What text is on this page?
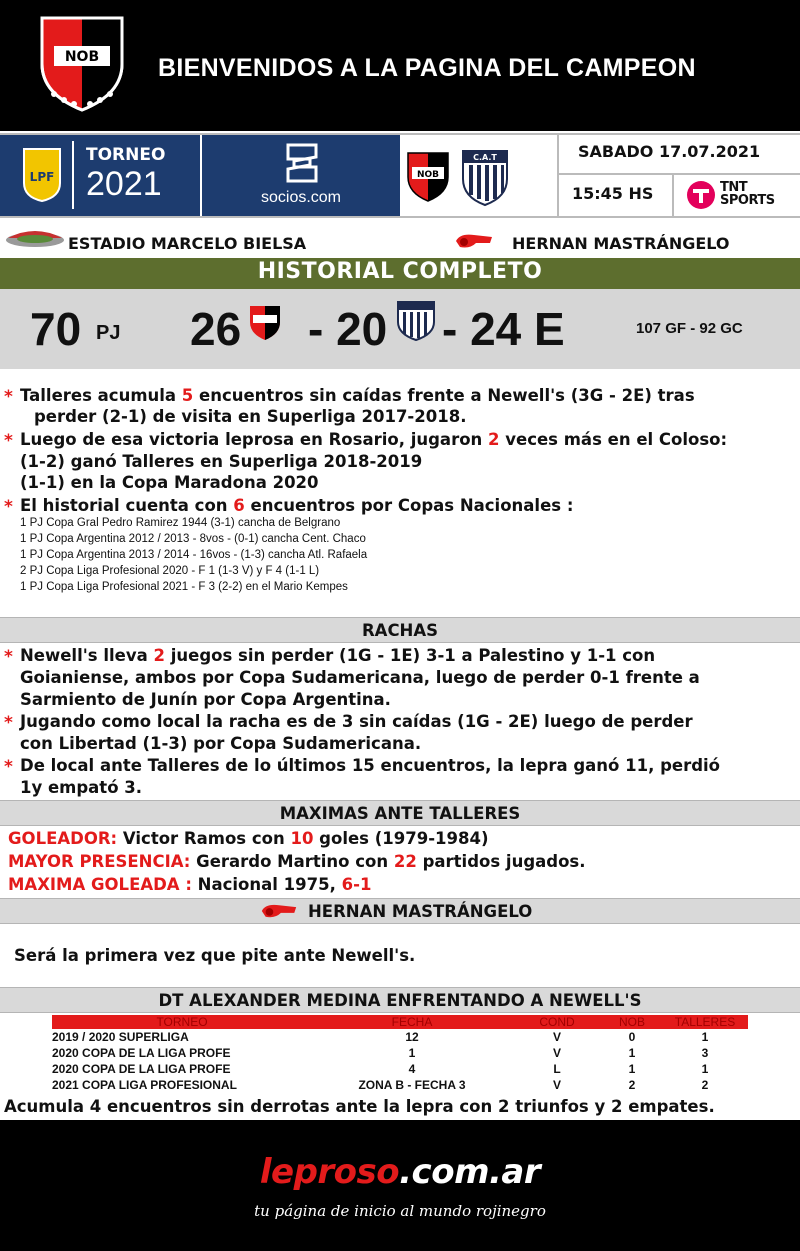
NOB BIENVENIDOS A LA PAGINA DEL CAMPEON
LPF
TORNEO
2021	socios.com
NOB
C.A.T	SABADO 17.07.2021
15:45 HS	TNT SPORTS
ESTADIO MARCELO BIELSA	HERNAN MASTRÁNGELO
HISTORIAL COMPLETO
70 PJ 26 - 20 - 24 E	107 GF - 92 GC
* Talleres acumula 5 encuentros sin caídas frente a Newell's (3G - 2E) tras
perder (2-1) de visita en Superliga 2017-2018.
* Luego de esa victoria leprosa en Rosario, jugaron 2 veces más en el Coloso:
(1-2) ganó Talleres en Superliga 2018-2019
(1-1) en la Copa Maradona 2020
* El historial cuenta con 6 encuentros por Copas Nacionales :
1 PJ Copa Gral Pedro Ramirez 1944 (3-1) cancha de Belgrano
1 PJ Copa Argentina 2012 / 2013 - 8vos - (0-1) cancha Cent. Chaco
1 PJ Copa Argentina 2013 / 2014 - 16vos - (1-3) cancha Atl. Rafaela
2 PJ Copa Liga Profesional 2020 - F 1 (1-3 V) y F 4 (1-1 L)
1 PJ Copa Liga Profesional 2021 - F 3 (2-2) en el Mario Kempes
RACHAS
* Newell's lleva 2 juegos sin perder (1G - 1E) 3-1 a Palestino y 1-1 con
Goianiense, ambos por Copa Sudamericana, luego de perder 0-1 frente a
Sarmiento de Junín por Copa Argentina.
* Jugando como local la racha es de 3 sin caídas (1G - 2E) luego de perder
con Libertad (1-3) por Copa Sudamericana.
* De local ante Talleres de lo últimos 15 encuentros, la lepra ganó 11, perdió
1y empató 3.
MAXIMAS ANTE TALLERES
GOLEADOR: Victor Ramos con 10 goles (1979-1984)
MAYOR PRESENCIA: Gerardo Martino con 22 partidos jugados.
MAXIMA GOLEADA : Nacional 1975, 6-1
HERNAN MASTRÁNGELO
Será la primera vez que pite ante Newell's.
DT ALEXANDER MEDINA ENFRENTANDO A NEWELL'S
TORNEO	FECHA	COND	NOB	TALLERES
2019 / 2020 SUPERLIGA	12	V	0	1
2020 COPA DE LA LIGA PROFE	1	V	1	3
2020 COPA DE LA LIGA PROFE	4	L	1	1
2021 COPA LIGA PROFESIONAL	ZONA B - FECHA 3	V	2	2
Acumula 4 encuentros sin derrotas ante la lepra con 2 triunfos y 2 empates.
leproso.com.ar
tu página de inicio al mundo rojinegro
